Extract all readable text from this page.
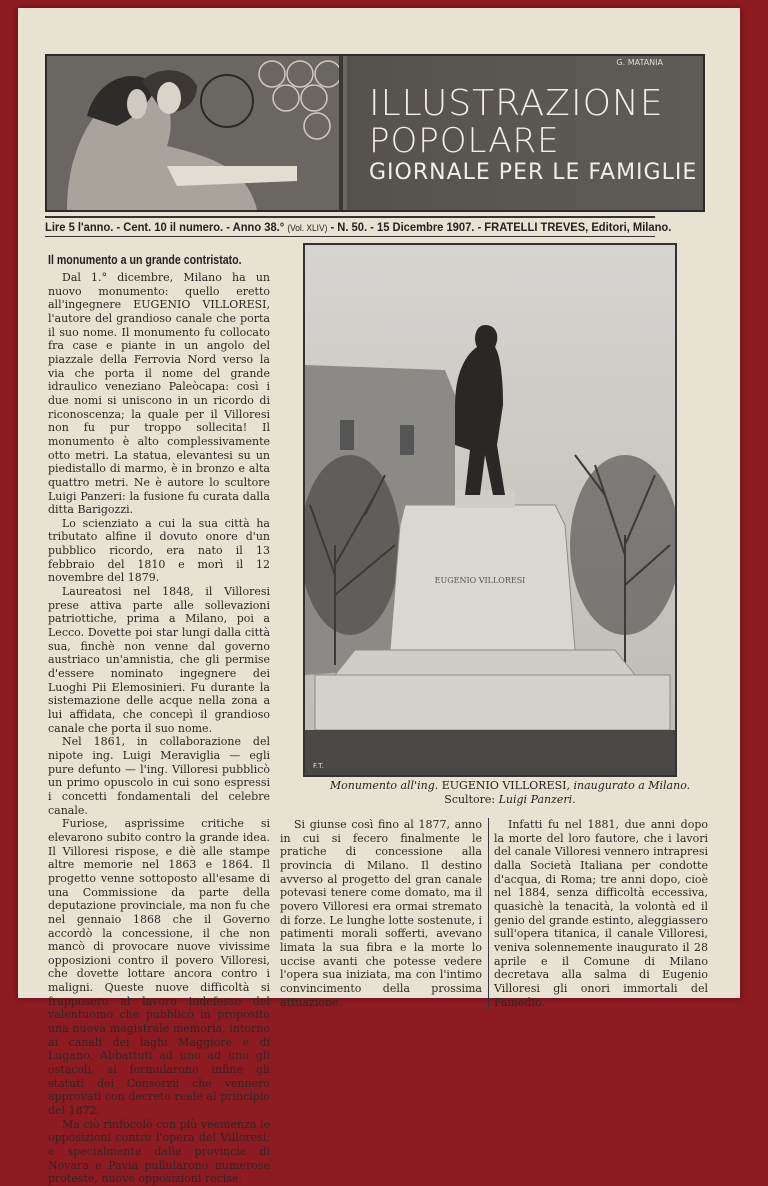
G. MATANIA
ILLUSTRAZIONE
POPOLARE
GIORNALE PER LE FAMIGLIE
Lire 5 l'anno. - Cent. 10 il numero. - Anno 38.° (Vol. XLIV) - N. 50. - 15 Dicembre 1907. - FRATELLI TREVES, Editori, Milano.
Il monumento a un grande contristato.

Dal 1.° dicembre, Milano ha un nuovo monumento: quello eretto all'ingegnere EUGENIO VILLORESI, l'autore del grandioso canale che porta il suo nome. Il monumento fu collocato fra case e piante in un angolo del piazzale della Ferrovia Nord verso la via che porta il nome del grande idraulico veneziano Paleòcapa: così i due nomi si uniscono in un ricordo di riconoscenza; la quale per il Villoresi non fu pur troppo sollecita! Il monumento è alto complessivamente otto metri. La statua, elevantesi su un piedistallo di marmo, è in bronzo e alta quattro metri. Ne è autore lo scultore Luigi Panzeri: la fusione fu curata dalla ditta Barigozzi.

Lo scienziato a cui la sua città ha tributato alfine il dovuto onore d'un pubblico ricordo, era nato il 13 febbraio del 1810 e morì il 12 novembre del 1879.

Laureatosi nel 1848, il Villoresi prese attiva parte alle sollevazioni patriottiche, prima a Milano, poi a Lecco. Dovette poi star lungi dalla città sua, finchè non venne dal governo austriaco un'amnistia, che gli permise d'essere nominato ingegnere dei Luoghi Pii Elemosinieri. Fu durante la sistemazione delle acque nella zona a lui affidata, che concepì il grandioso canale che porta il suo nome.

Nel 1861, in collaborazione del nipote ing. Luigi Meraviglia — egli pure defunto — l'ing. Villoresi pubblicò un primo opuscolo in cui sono espressi i concetti fondamentali del celebre canale.

Furiose, asprissime critiche si elevarono subito contro la grande idea. Il Villoresi rispose, e diè alle stampe altre memorie nel 1863 e 1864. Il progetto venne sottoposto all'esame di una Commissione da parte della deputazione provinciale, ma non fu che nel gennaio 1868 che il Governo accordò la concessione, il che non mancò di provocare nuove vivissime opposizioni contro il povero Villoresi, che dovette lottare ancora contro i maligni. Queste nuove difficoltà si frapposero al lavoro indefesso del valentuomo che pubblicò in proposito una nuova magistrale memoria, intorno ai canali dei laghi Maggiore e di Lugano. Abbattuti ad uno ad uno gli ostacoli, si formularono infine gli statuti dei Consorzii che vennero approvati con decreto reale al principio del 1872.

Ma ciò rinfocolò con più veemenza le opposizioni contro l'opera del Villoresi; e specialmente dalle provincie di Novara e Pavia pullularono numerose proteste, nuove opposizioni recise.

EUGENIO VILLORESI
F.T.
Monumento all'ing. EUGENIO VILLORESI, inaugurato a Milano.
Scultore: Luigi Panzeri.

Si giunse così fino al 1877, anno in cui si fecero finalmente le pratiche di concessione alla provincia di Milano. Il destino avverso al progetto del gran canale potevasi tenere come domato, ma il povero Villoresi era ormai stremato di forze. Le lunghe lotte sostenute, i patimenti morali sofferti, avevano limata la sua fibra e la morte lo uccise avanti che potesse vedere l'opera sua iniziata, ma con l'intimo convincimento della prossima attuazione.

Infatti fu nel 1881, due anni dopo la morte del loro fautore, che i lavori del canale Villoresi vennero intrapresi dalla Società Italiana per condotte d'acqua, di Roma; tre anni dopo, cioè nel 1884, senza difficoltà eccessiva, quasichè la tenacità, la volontà ed il genio del grande estinto, aleggiassero sull'opera titanica, il canale Villoresi, veniva solennemente inaugurato il 28 aprile e il Comune di Milano decretava alla salma di Eugenio Villoresi gli onori immortali del Famedio.
